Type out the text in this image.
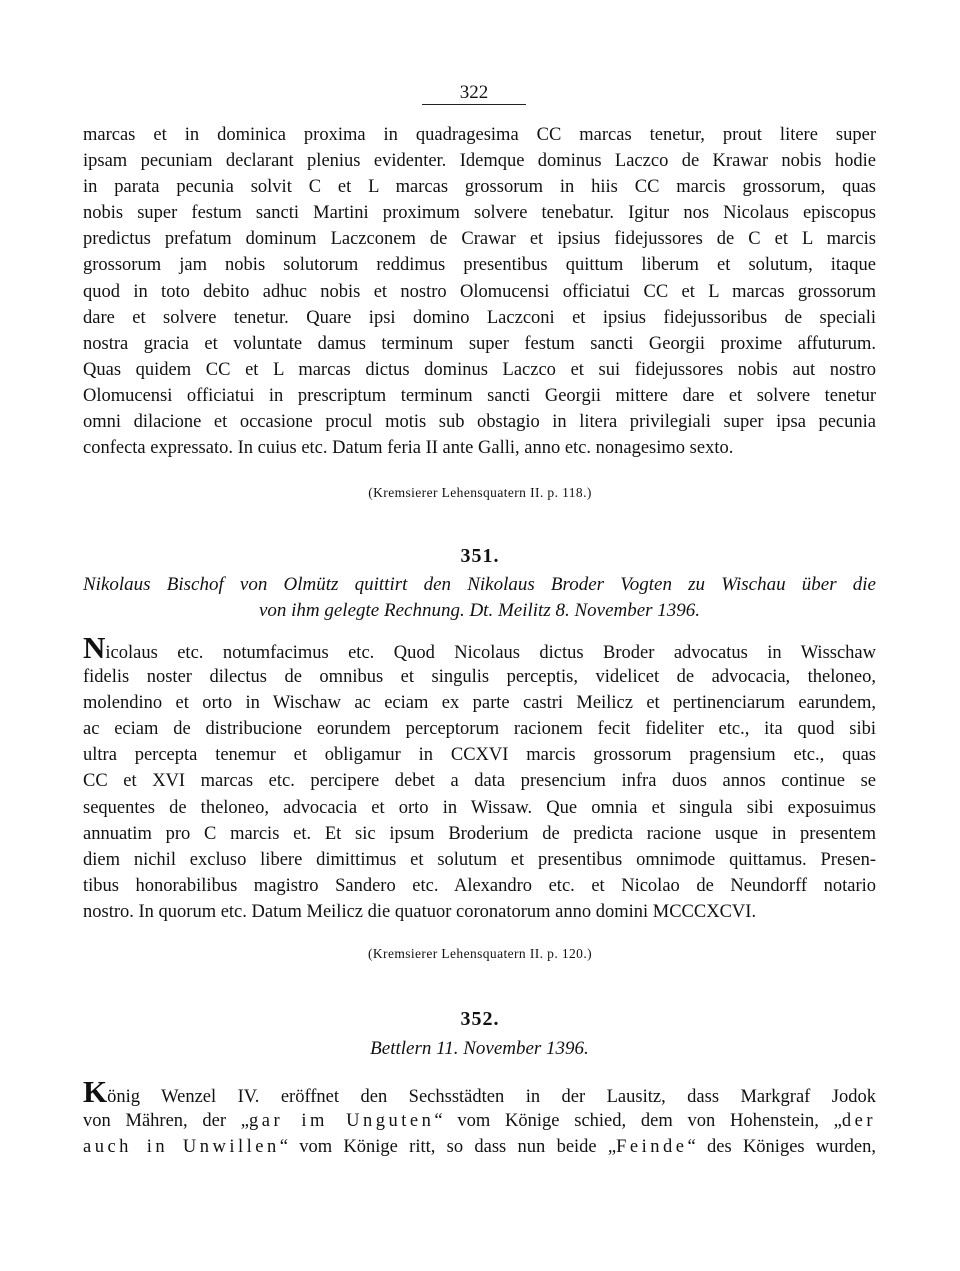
322
marcas et in dominica proxima in quadragesima CC marcas tenetur, prout litere super
ipsam pecuniam declarant plenius evidenter. Idemque dominus Laczco de Krawar nobis hodie
in parata pecunia solvit C et L marcas grossorum in hiis CC marcis grossorum, quas
nobis super festum sancti Martini proximum solvere tenebatur. Igitur nos Nicolaus episcopus
predictus prefatum dominum Laczconem de Crawar et ipsius fidejussores de C et L marcis
grossorum jam nobis solutorum reddimus presentibus quittum liberum et solutum, itaque
quod in toto debito adhuc nobis et nostro Olomucensi officiatui CC et L marcas grossorum
dare et solvere tenetur. Quare ipsi domino Laczconi et ipsius fidejussoribus de speciali
nostra gracia et voluntate damus terminum super festum sancti Georgii proxime affuturum.
Quas quidem CC et L marcas dictus dominus Laczco et sui fidejussores nobis aut nostro
Olomucensi officiatui in prescriptum terminum sancti Georgii mittere dare et solvere tenetur
omni dilacione et occasione procul motis sub obstagio in litera privilegiali super ipsa pecunia
confecta expressato. In cuius etc. Datum feria II ante Galli, anno etc. nonagesimo sexto.
(Kremsierer Lehensquatern II. p. 118.)
351.
Nikolaus Bischof von Olmütz quittirt den Nikolaus Broder Vogten zu Wischau über die
von ihm gelegte Rechnung. Dt. Meilitz 8. November 1396.
Nicolaus etc. notumfacimus etc. Quod Nicolaus dictus Broder advocatus in Wisschaw
fidelis noster dilectus de omnibus et singulis perceptis, videlicet de advocacia, theloneo,
molendino et orto in Wischaw ac eciam ex parte castri Meilicz et pertinenciarum earundem,
ac eciam de distribucione eorundem perceptorum racionem fecit fideliter etc., ita quod sibi
ultra percepta tenemur et obligamur in CCXVI marcis grossorum pragensium etc., quas
CC et XVI marcas etc. percipere debet a data presencium infra duos annos continue se
sequentes de theloneo, advocacia et orto in Wissaw. Que omnia et singula sibi exposuimus
annuatim pro C marcis et. Et sic ipsum Broderium de predicta racione usque in presentem
diem nichil excluso libere dimittimus et solutum et presentibus omnimode quittamus. Presen-
tibus honorabilibus magistro Sandero etc. Alexandro etc. et Nicolao de Neundorff notario
nostro. In quorum etc. Datum Meilicz die quatuor coronatorum anno domini MCCCXCVI.
(Kremsierer Lehensquatern II. p. 120.)
352.
Bettlern 11. November 1396.
König Wenzel IV. eröffnet den Sechsstädten in der Lausitz, dass Markgraf Jodok
von Mähren, der „gar im Unguten“ vom Könige schied, dem von Hohenstein, „der
auch in Unwillen“ vom Könige ritt, so dass nun beide „Feinde“ des Königes wurden,
